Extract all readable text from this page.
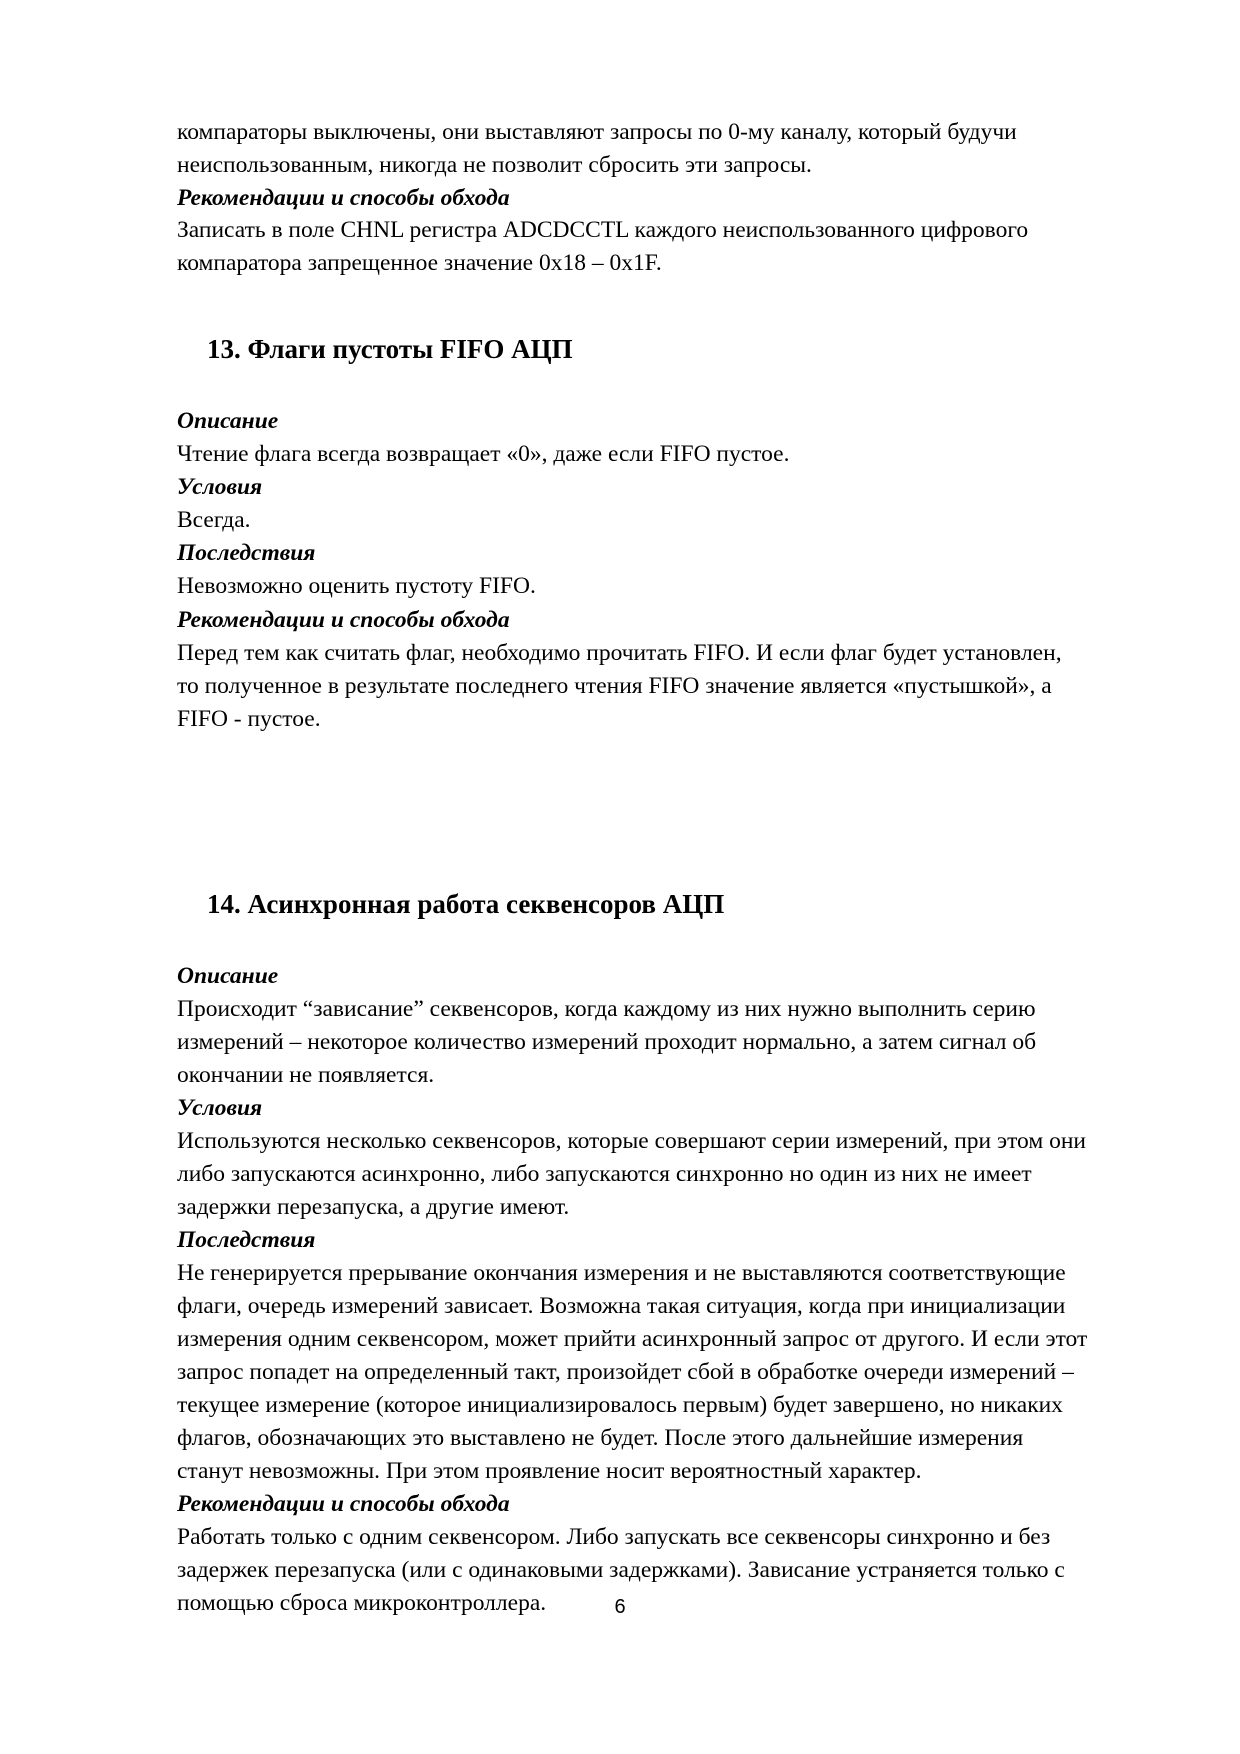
компараторы выключены, они выставляют запросы по 0-му каналу, который будучи
неиспользованным, никогда не позволит сбросить эти запросы.
Рекомендации и способы обхода
Записать в поле CHNL регистра ADCDCCTL каждого неиспользованного цифрового
компаратора запрещенное значение 0x18 – 0x1F.
13. Флаги пустоты FIFO АЦП
Описание
Чтение флага всегда возвращает «0», даже если FIFO пустое.
Условия
Всегда.
Последствия
Невозможно оценить пустоту FIFO.
Рекомендации и способы обхода
Перед тем как считать флаг, необходимо прочитать FIFO. И если флаг будет установлен,
то полученное в результате последнего чтения FIFO значение является «пустышкой», а
FIFO - пустое.
14. Асинхронная работа секвенсоров АЦП
Описание
Происходит “зависание” секвенсоров, когда каждому из них нужно выполнить серию
измерений – некоторое количество измерений проходит нормально, а затем сигнал об
окончании не появляется.
Условия
Используются несколько секвенсоров, которые совершают серии измерений, при этом они
либо запускаются асинхронно, либо запускаются синхронно но один из них не имеет
задержки перезапуска, а другие имеют.
Последствия
Не генерируется прерывание окончания измерения и не выставляются соответствующие
флаги, очередь измерений зависает. Возможна такая ситуация, когда при инициализации
измерения одним секвенсором, может прийти асинхронный запрос от другого. И если этот
запрос попадет на определенный такт, произойдет сбой в обработке очереди измерений –
текущее измерение (которое инициализировалось первым) будет завершено, но никаких
флагов, обозначающих это выставлено не будет. После этого дальнейшие измерения
станут невозможны. При этом проявление носит вероятностный характер.
Рекомендации и способы обхода
Работать только с одним секвенсором. Либо запускать все секвенсоры синхронно и без
задержек перезапуска (или с одинаковыми задержками). Зависание устраняется только с
помощью сброса микроконтроллера.	6
